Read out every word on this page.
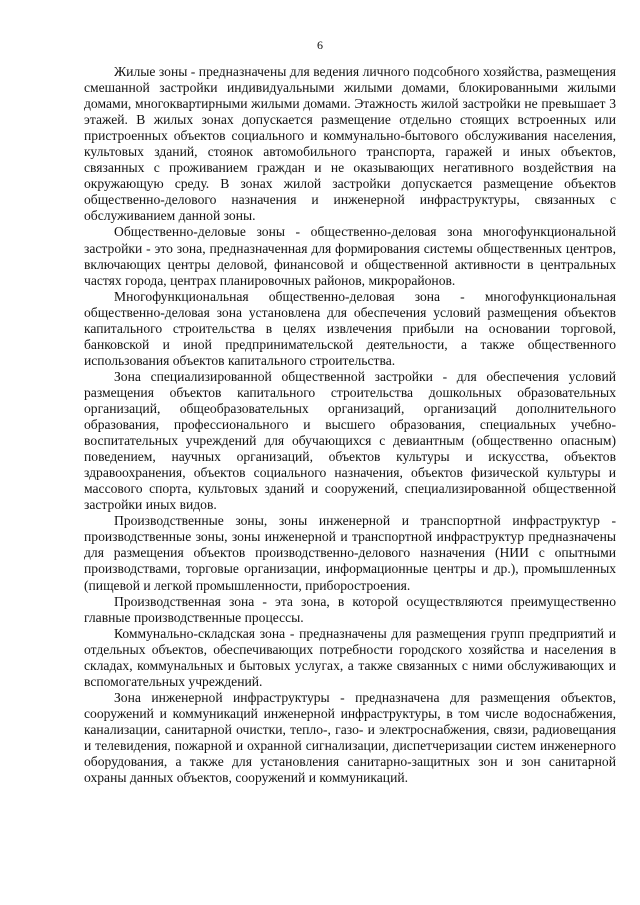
6

Жилые зоны - предназначены для ведения личного подсобного хозяйства, размещения смешанной застройки индивидуальными жилыми домами, блокированными жилыми домами, многоквартирными жилыми домами. Этажность жилой застройки не превышает 3 этажей. В жилых зонах допускается размещение отдельно стоящих встроенных или пристроенных объектов социального и коммунально-бытового обслуживания населения, культовых зданий, стоянок автомобильного транспорта, гаражей и иных объектов, связанных с проживанием граждан и не оказывающих негативного воздействия на окружающую среду. В зонах жилой застройки допускается размещение объектов общественно-делового назначения и инженерной инфраструктуры, связанных с обслуживанием данной зоны.

Общественно-деловые зоны - общественно-деловая зона многофункциональной застройки - это зона, предназначенная для формирования системы общественных центров, включающих центры деловой, финансовой и общественной активности в центральных частях города, центрах планировочных районов, микрорайонов.

Многофункциональная общественно-деловая зона - многофункциональная общественно-деловая зона установлена для обеспечения условий размещения объектов капитального строительства в целях извлечения прибыли на основании торговой, банковской и иной предпринимательской деятельности, а также общественного использования объектов капитального строительства.

Зона специализированной общественной застройки - для обеспечения условий размещения объектов капитального строительства дошкольных образовательных организаций, общеобразовательных организаций, организаций дополнительного образования, профессионального и высшего образования, специальных учебно-воспитательных учреждений для обучающихся с девиантным (общественно опасным) поведением, научных организаций, объектов культуры и искусства, объектов здравоохранения, объектов социального назначения, объектов физической культуры и массового спорта, культовых зданий и сооружений, специализированной общественной застройки иных видов.

Производственные зоны, зоны инженерной и транспортной инфраструктур - производственные зоны, зоны инженерной и транспортной инфраструктур предназначены для размещения объектов производственно-делового назначения (НИИ с опытными производствами, торговые организации, информационные центры и др.), промышленных (пищевой и легкой промышленности, приборостроения.

Производственная зона - эта зона, в которой осуществляются преимущественно главные производственные процессы.

Коммунально-складская зона - предназначены для размещения групп предприятий и отдельных объектов, обеспечивающих потребности городского хозяйства и населения в складах, коммунальных и бытовых услугах, а также связанных с ними обслуживающих и вспомогательных учреждений.

Зона инженерной инфраструктуры - предназначена для размещения объектов, сооружений и коммуникаций инженерной инфраструктуры, в том числе водоснабжения, канализации, санитарной очистки, тепло-, газо- и электроснабжения, связи, радиовещания и телевидения, пожарной и охранной сигнализации, диспетчеризации систем инженерного оборудования, а также для установления санитарно-защитных зон и зон санитарной охраны данных объектов, сооружений и коммуникаций.
